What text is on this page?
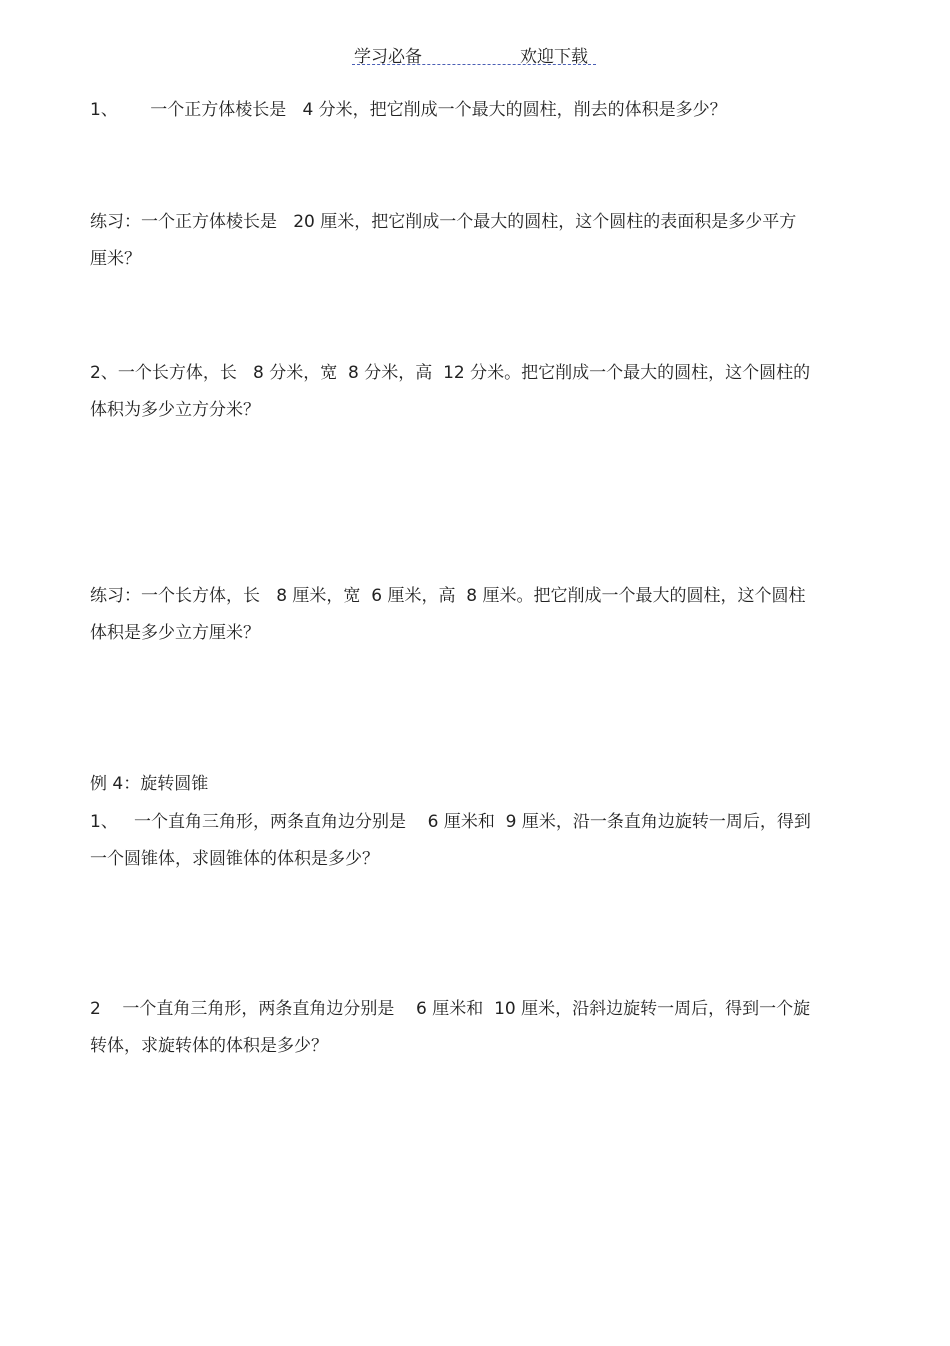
学习必备	欢迎下载
1、      一个正方体棱长是   4 分米，把它削成一个最大的圆柱，削去的体积是多少？
练习：一个正方体棱长是   20 厘米，把它削成一个最大的圆柱，这个圆柱的表面积是多少平方
厘米？
2、一个长方体，长   8 分米，宽  8 分米，高  12 分米。把它削成一个最大的圆柱，这个圆柱的
体积为多少立方分米？
练习：一个长方体，长   8 厘米，宽  6 厘米，高  8 厘米。把它削成一个最大的圆柱，这个圆柱
体积是多少立方厘米？
例 4：旋转圆锥
1、   一个直角三角形，两条直角边分别是    6 厘米和  9 厘米，沿一条直角边旋转一周后，得到
一个圆锥体，求圆锥体的体积是多少？
2    一个直角三角形，两条直角边分别是    6 厘米和  10 厘米，沿斜边旋转一周后，得到一个旋
转体，求旋转体的体积是多少？
